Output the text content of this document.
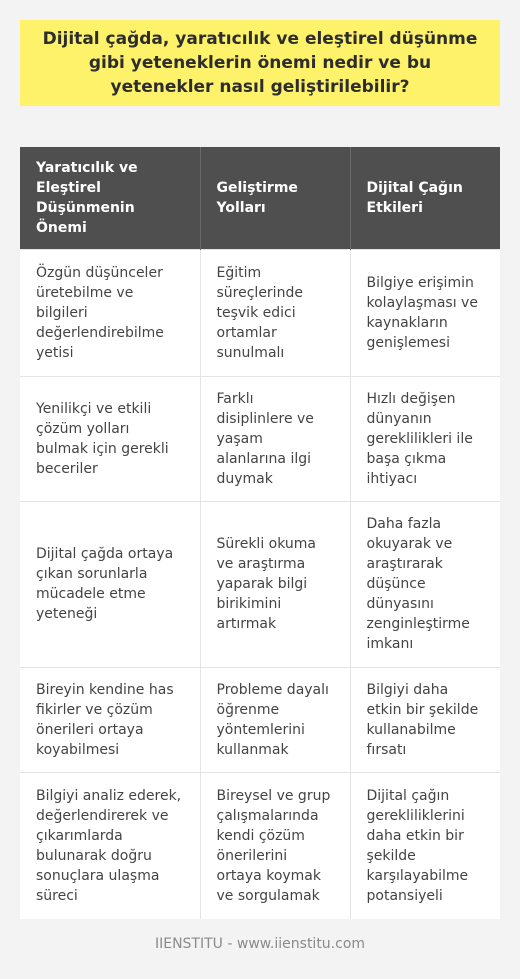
Dijital çağda, yaratıcılık ve eleştirel düşünme gibi yeteneklerin önemi nedir ve bu yetenekler nasıl geliştirilebilir?
Yaratıcılık ve Eleştirel Düşünmenin Önemi	Geliştirme Yolları	Dijital Çağın Etkileri
Özgün düşünceler üretebilme ve bilgileri değerlendirebilme yetisi	Eğitim süreçlerinde teşvik edici ortamlar sunulmalı	Bilgiye erişimin kolaylaşması ve kaynakların genişlemesi
Yenilikçi ve etkili çözüm yolları bulmak için gerekli beceriler	Farklı disiplinlere ve yaşam alanlarına ilgi duymak	Hızlı değişen dünyanın gereklilikleri ile başa çıkma ihtiyacı
Dijital çağda ortaya çıkan sorunlarla mücadele etme yeteneği	Sürekli okuma ve araştırma yaparak bilgi birikimini artırmak	Daha fazla okuyarak ve araştırarak düşünce dünyasını zenginleştirme imkanı
Bireyin kendine has fikirler ve çözüm önerileri ortaya koyabilmesi	Probleme dayalı öğrenme yöntemlerini kullanmak	Bilgiyi daha etkin bir şekilde kullanabilme fırsatı
Bilgiyi analiz ederek, değerlendirerek ve çıkarımlarda bulunarak doğru sonuçlara ulaşma süreci	Bireysel ve grup çalışmalarında kendi çözüm önerilerini ortaya koymak ve sorgulamak	Dijital çağın gerekliliklerini daha etkin bir şekilde karşılayabilme potansiyeli
IIENSTITU - www.iienstitu.com
